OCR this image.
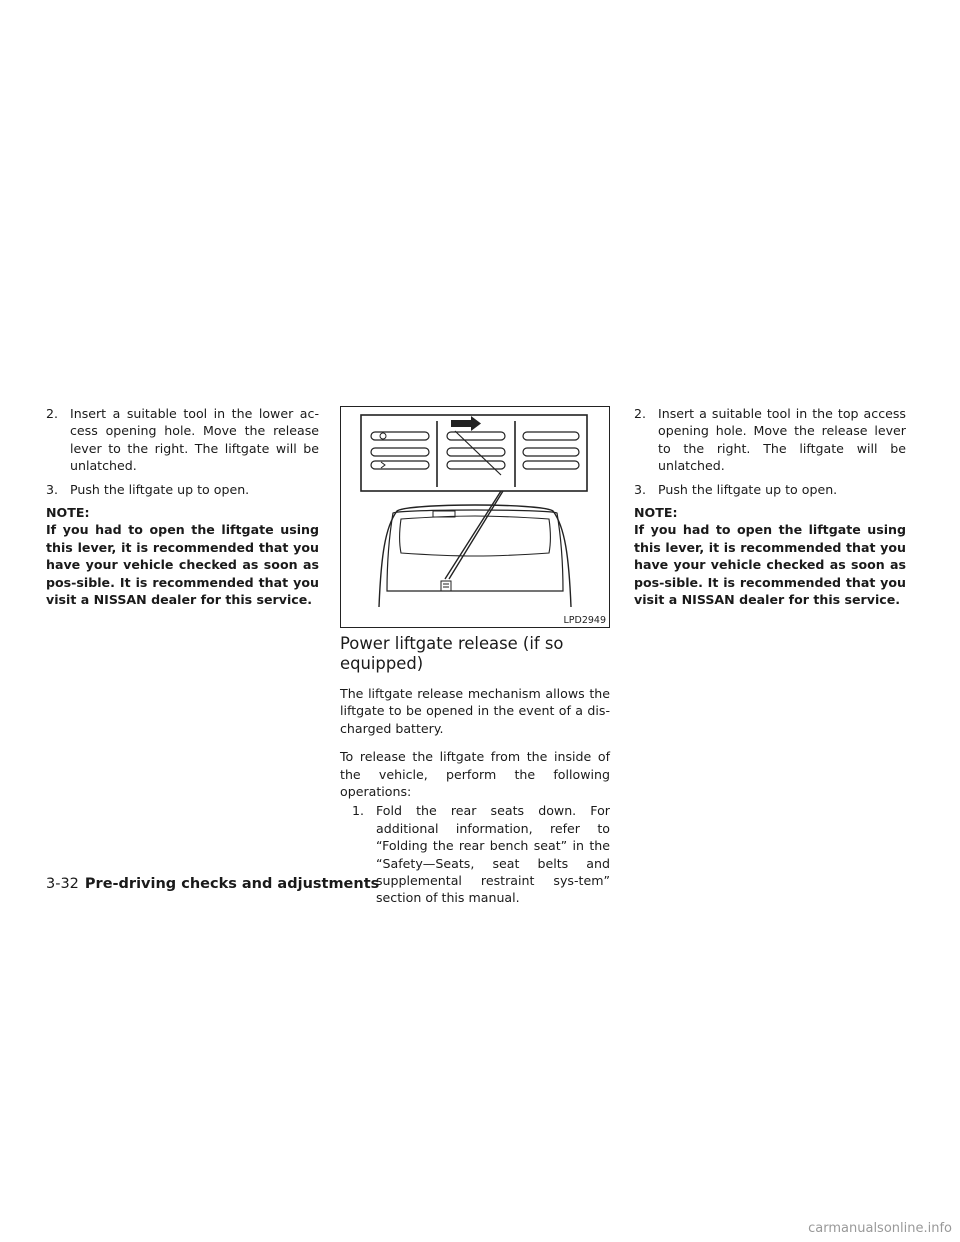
2. Insert a suitable tool in the lower ac-cess opening hole. Move the release lever to the right. The liftgate will be unlatched.
3. Push the liftgate up to open.

NOTE:

If you had to open the liftgate using this lever, it is recommended that you have your vehicle checked as soon as pos-sible. It is recommended that you visit a NISSAN dealer for this service.

LPD2949
Power liftgate release (if so equipped)

The liftgate release mechanism allows the liftgate to be opened in the event of a dis-charged battery.

To release the liftgate from the inside of the vehicle, perform the following operations:

1. Fold the rear seats down. For additional information, refer to “Folding the rear bench seat” in the “Safety—Seats, seat belts and supplemental restraint sys-tem” section of this manual.
2. Insert a suitable tool in the top access opening hole. Move the release lever to the right. The liftgate will be unlatched.
3. Push the liftgate up to open.

NOTE:

If you had to open the liftgate using this lever, it is recommended that you have your vehicle checked as soon as pos-sible. It is recommended that you visit a NISSAN dealer for this service.

3-32 Pre-driving checks and adjustments
carmanualsonline.info
